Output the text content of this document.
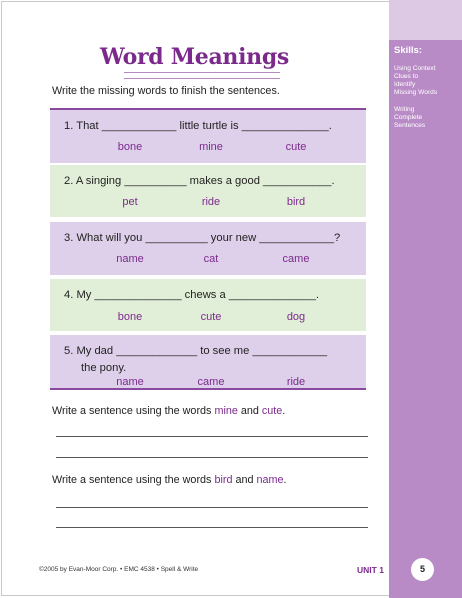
Skills:
Using Context
Clues to
Identify
Missing Words
Writing
Complete
Sentences
Word Meanings
Write the missing words to finish the sentences.
1. That ____________ little turtle is ______________.
bone	mine	cute
2. A singing __________ makes a good ___________.
pet	ride	bird
3. What will you __________ your new ____________?
name	cat	came
4. My ______________ chews a ______________.
bone	cute	dog
5. My dad _____________ to see me ____________
the pony.
name	came	ride
Write a sentence using the words mine and cute.
Write a sentence using the words bird and name.
©2005 by Evan-Moor Corp. • EMC 4538 • Spell & Write	UNIT 1	5
